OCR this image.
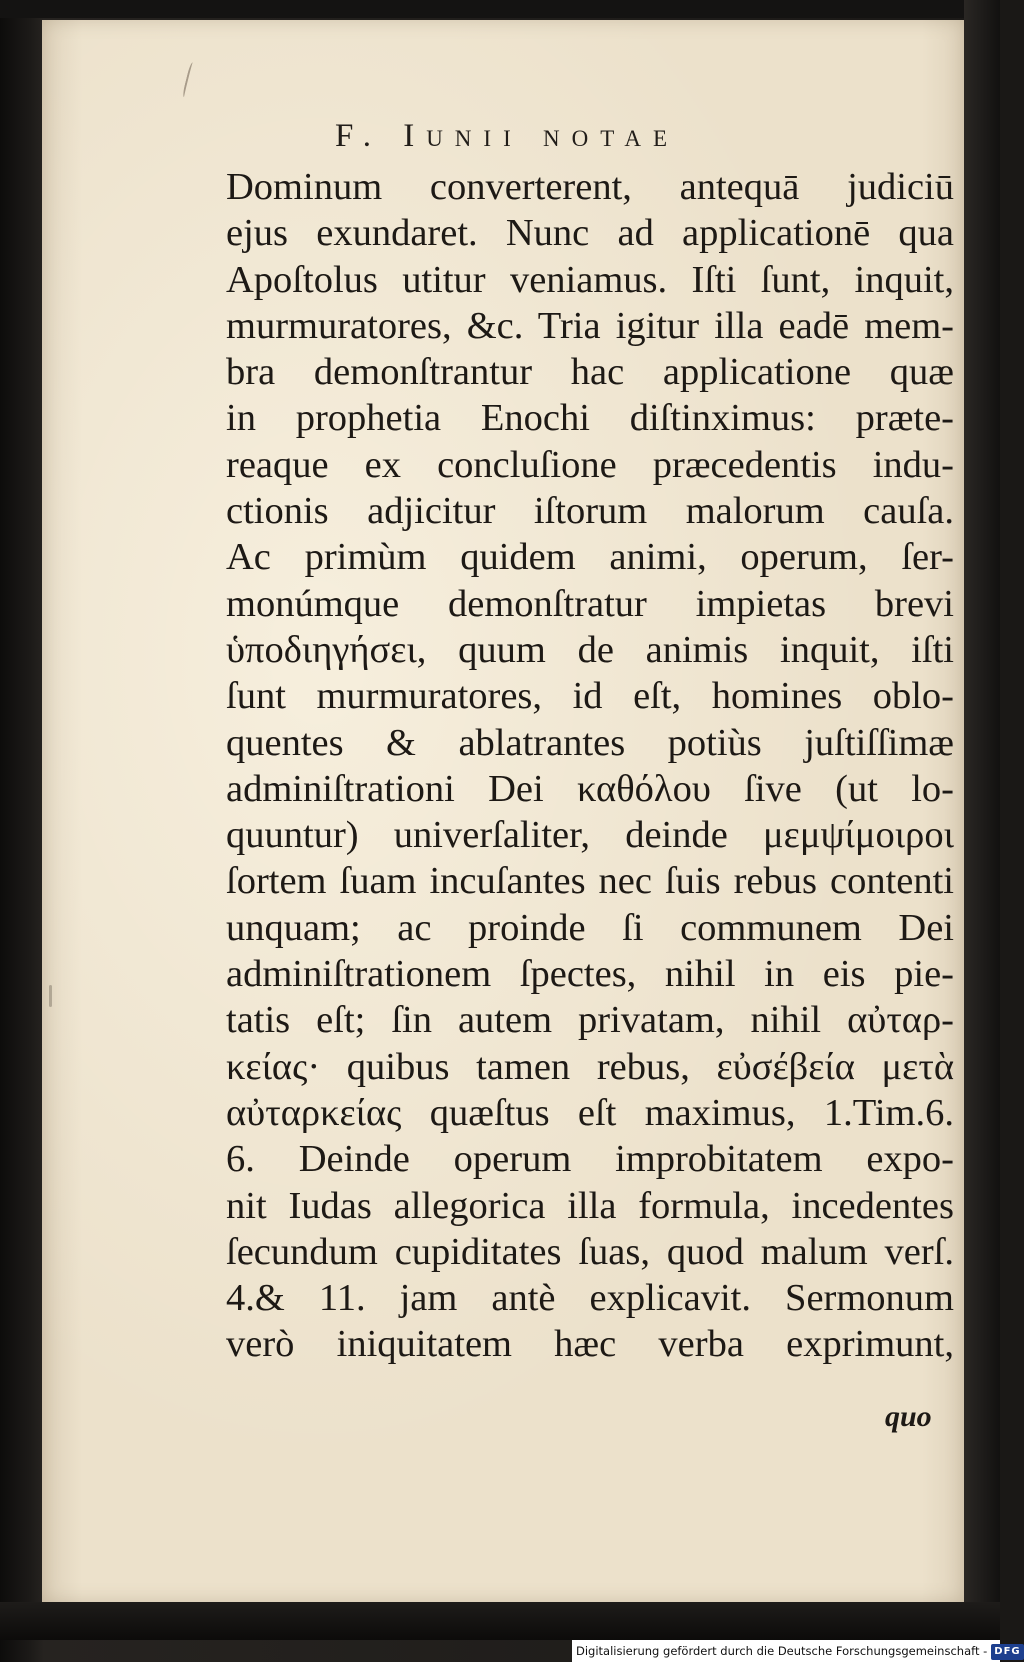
F. Iunii notae
Dominum converterent, antequā judiciū
ejus exundaret. Nunc ad applicationē qua
Apoſtolus utitur veniamus. Iſti ſunt, inquit,
murmuratores, &c. Tria igitur illa eadē mem-
bra demonſtrantur hac applicatione quæ
in prophetia Enochi diſtinximus: præte-
reaque ex concluſione præcedentis indu-
ctionis adjicitur iſtorum malorum cauſa.
Ac primùm quidem animi, operum, ſer-
monúmque demonſtratur impietas brevi
ὑποδιηγήσει, quum de animis inquit, iſti
ſunt murmuratores, id eſt, homines oblo-
quentes & ablatrantes potiùs juſtiſſimæ
adminiſtrationi Dei καθόλου ſive (ut lo-
quuntur) univerſaliter, deinde μεμψίμοιροι
ſortem ſuam incuſantes nec ſuis rebus contenti
unquam; ac proinde ſi communem Dei
adminiſtrationem ſpectes, nihil in eis pie-
tatis eſt; ſin autem privatam, nihil αὐταρ-
κείας· quibus tamen rebus, εὐσέβεία μετὰ
αὐταρκείας quæſtus eſt maximus, 1.Tim.6.
6. Deinde operum improbitatem expo-
nit Iudas allegorica illa formula, incedentes
ſecundum cupiditates ſuas, quod malum verſ.
4.& 11. jam antè explicavit. Sermonum
verò iniquitatem hæc verba exprimunt,
quo
Digitalisierung gefördert durch die Deutsche Forschungsgemeinschaft - DFG
